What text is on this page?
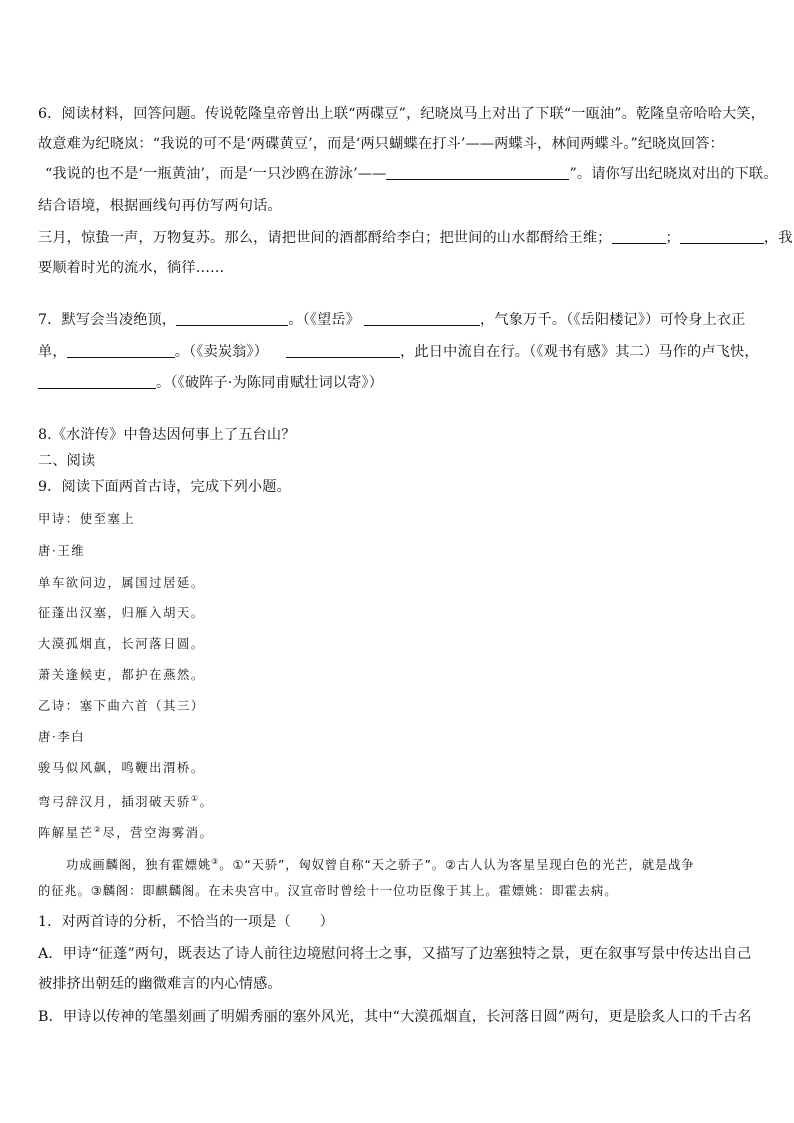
6．阅读材料，回答问题。传说乾隆皇帝曾出上联“两碟豆”，纪晓岚马上对出了下联“一瓯油”。乾隆皇帝哈哈大笑，
故意难为纪晓岚：“我说的可不是‘两碟黄豆’，而是‘两只蝴蝶在打斗’——两蝶斗，林间两蝶斗。”纪晓岚回答：
“我说的也不是‘一瓶黄油’，而是‘一只沙鸥在游泳’——	”。请你写出纪晓岚对出的下联。
结合语境，根据画线句再仿写两句话。
三月，惊蛰一声，万物复苏。那么，请把世间的酒都酹给李白；把世间的山水都酹给王维；	；	，我
要顺着时光的流水，徜徉……
7．默写会当凌绝顶，	。（《望岳》	，气象万千。（《岳阳楼记》）可怜身上衣正
单，	。（《卖炭翁》）	，此日中流自在行。（《观书有感》其二）马作的卢飞快，
。（《破阵子·为陈同甫赋壮词以寄》）
8.《水浒传》中鲁达因何事上了五台山？
二、阅读
9．阅读下面两首古诗，完成下列小题。
甲诗：使至塞上
唐·王维
单车欲问边，属国过居延。
征蓬出汉塞，归雁入胡天。
大漠孤烟直，长河落日圆。
萧关逢候吏，都护在燕然。
乙诗：塞下曲六首（其三）
唐·李白
骏马似风飙，鸣鞭出渭桥。
弯弓辞汉月，插羽破天骄①。
阵解星芒②尽，营空海雾消。
功成画麟阁，独有霍嫖姚③。①“天骄”，匈奴曾自称“天之骄子”。②古人认为客星呈现白色的光芒，就是战争
的征兆。③麟阁：即麒麟阁。在未央宫中。汉宣帝时曾绘十一位功臣像于其上。霍嫖姚：即霍去病。
1．对两首诗的分析，不恰当的一项是（　　）
A．甲诗“征蓬”两句，既表达了诗人前往边境慰问将士之事，又描写了边塞独特之景，更在叙事写景中传达出自己
被排挤出朝廷的幽微难言的内心情感。
B．甲诗以传神的笔墨刻画了明媚秀丽的塞外风光，其中“大漠孤烟直，长河落日圆”两句，更是脍炙人口的千古名
